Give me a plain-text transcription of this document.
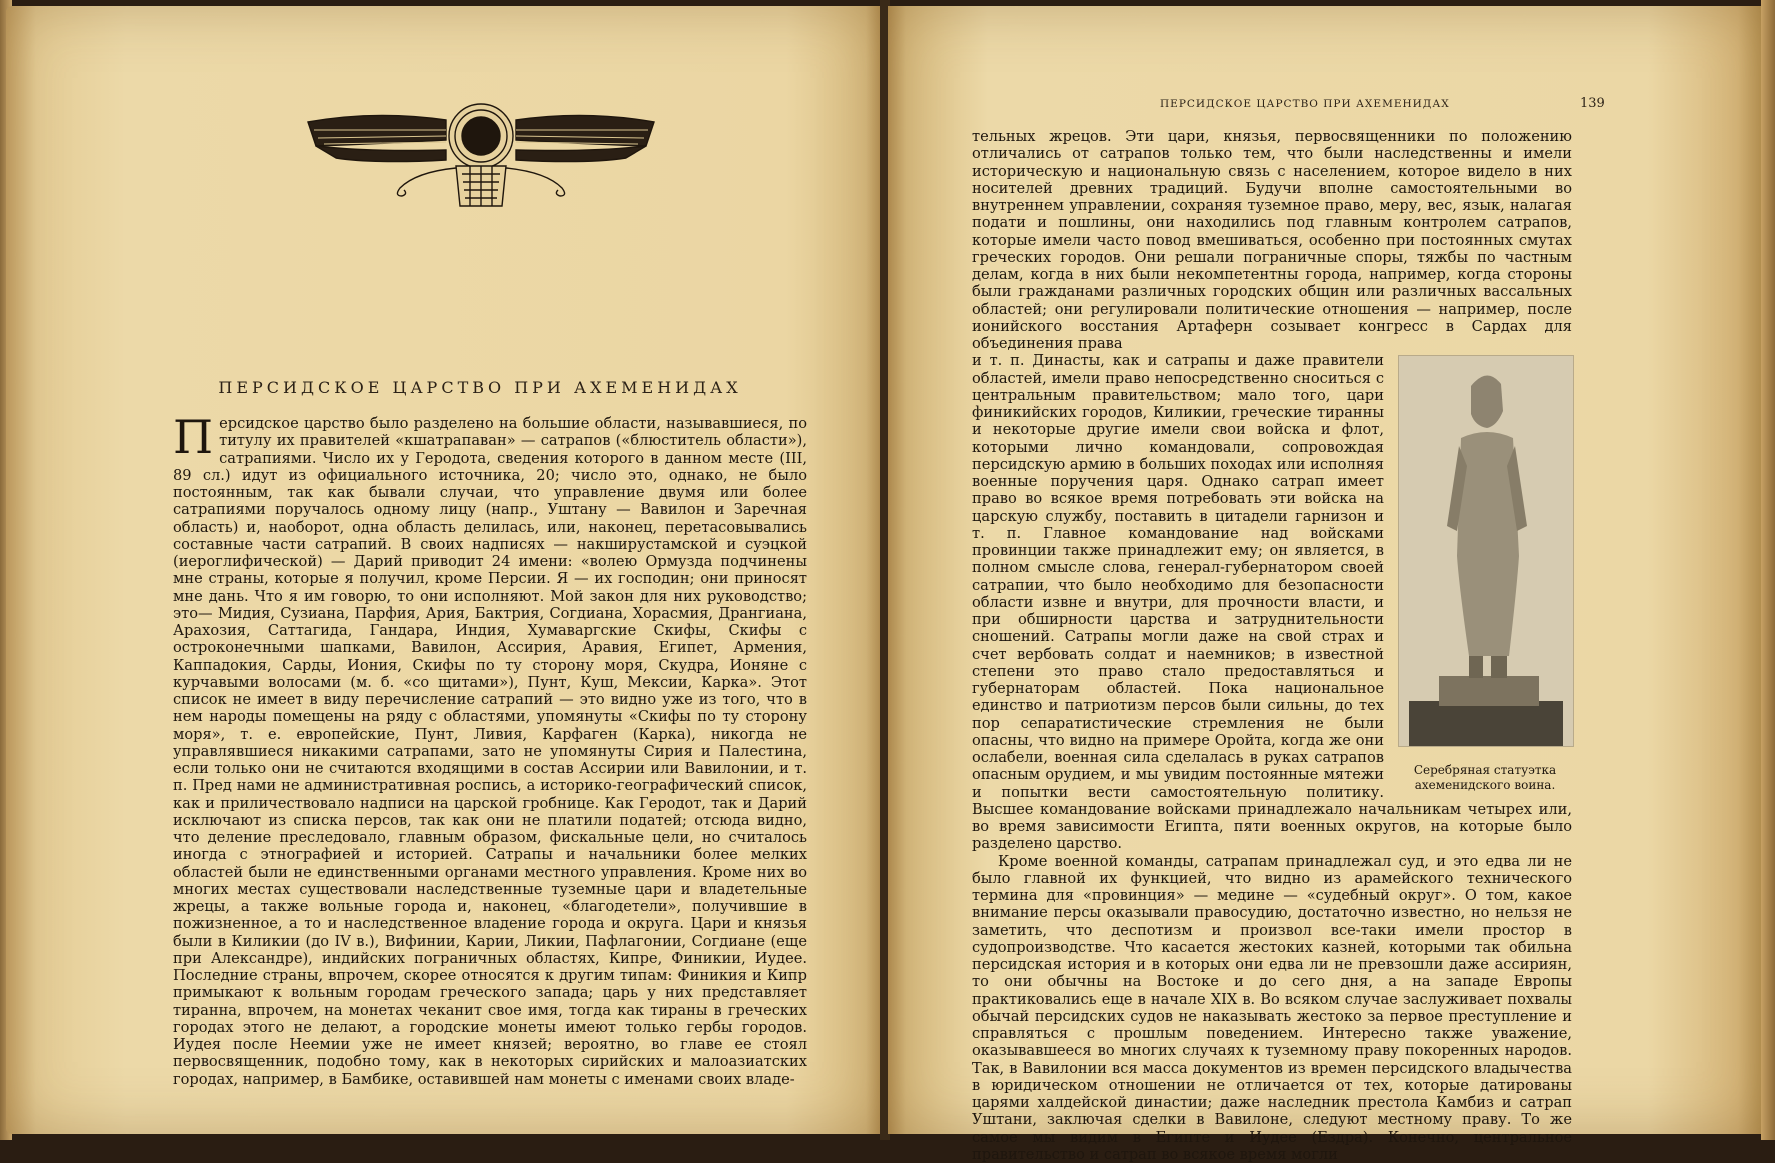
ПЕРСИДСКОЕ ЦАРСТВО ПРИ АХЕМЕНИДАХ
Персидское царство было разделено на большие области, называвшиеся, по титулу их правителей «кшатрапаван» — сатрапов («блюститель области»), сатрапиями. Число их у Геродота, сведения которого в данном месте (III, 89 сл.) идут из официального источника, 20; число это, однако, не было постоянным, так как бывали случаи, что управление двумя или более сатрапиями поручалось одному лицу (напр., Уштану — Вавилон и Заречная область) и, наоборот, одна область делилась, или, наконец, перетасовывались составные части сатрапий. В своих надписях — накширустамской и суэцкой (иероглифической) — Дарий приводит 24 имени: «волею Ормузда подчинены мне страны, которые я получил, кроме Персии. Я — их господин; они приносят мне дань. Что я им говорю, то они исполняют. Мой закон для них руководство; это— Мидия, Сузиана, Парфия, Ария, Бактрия, Согдиана, Хорасмия, Дрангиана, Арахозия, Саттагида, Гандара, Индия, Хумаваргские Скифы, Скифы с остроконечными шапками, Вавилон, Ассирия, Аравия, Египет, Армения, Каппадокия, Сарды, Иония, Скифы по ту сторону моря, Скудра, Ионяне с курчавыми волосами (м. б. «со щитами»), Пунт, Куш, Мексии, Карка». Этот список не имеет в виду перечисление сатрапий — это видно уже из того, что в нем народы помещены на ряду с областями, упомянуты «Скифы по ту сторону моря», т. е. европейские, Пунт, Ливия, Карфаген (Карка), никогда не управлявшиеся никакими сатрапами, зато не упомянуты Сирия и Палестина, если только они не считаются входящими в состав Ассирии или Вавилонии, и т. п. Пред нами не административная роспись, а историко-географический список, как и приличествовало надписи на царской гробнице. Как Геродот, так и Дарий исключают из списка персов, так как они не платили податей; отсюда видно, что деление преследовало, главным образом, фискальные цели, но считалось иногда с этнографией и историей. Сатрапы и начальники более мелких областей были не единственными органами местного управления. Кроме них во многих местах существовали наследственные туземные цари и владетельные жрецы, а также вольные города и, наконец, «благодетели», получившие в пожизненное, а то и наследственное владение города и округа. Цари и князья были в Киликии (до IV в.), Вифинии, Карии, Ликии, Пафлагонии, Согдиане (еще при Александре), индийских пограничных областях, Кипре, Финикии, Иудее. Последние страны, впрочем, скорее относятся к другим типам: Финикия и Кипр примыкают к вольным городам греческого запада; царь у них представляет тиранна, впрочем, на монетах чеканит свое имя, тогда как тираны в греческих городах этого не делают, а городские монеты имеют только гербы городов. Иудея после Неемии уже не имеет князей; вероятно, во главе ее стоял первосвященник, подобно тому, как в некоторых сирийских и малоазиатских городах, например, в Бамбике, оставившей нам монеты с именами своих владе-
ПЕРСИДСКОЕ ЦАРСТВО ПРИ АХЕМЕНИДАХ	139

тельных жрецов. Эти цари, князья, первосвященники по положению отличались от сатрапов только тем, что были наследственны и имели историческую и национальную связь с населением, которое видело в них носителей древних традиций. Будучи вполне самостоятельными во внутреннем управлении, сохраняя туземное право, меру, вес, язык, налагая подати и пошлины, они находились под главным контролем сатрапов, которые имели часто повод вмешиваться, особенно при постоянных смутах греческих городов. Они решали пограничные споры, тяжбы по частным делам, когда в них были некомпетентны города, например, когда стороны были гражданами различных городских общин или различных вассальных областей; они регулировали политические отношения — например, после ионийского восстания Артаферн созывает конгресс в Сардах для объединения права

Серебряная статуэтка ахеменидского воина.

и т. п. Династы, как и сатрапы и даже правители областей, имели право непосредственно сноситься с центральным правительством; мало того, цари финикийских городов, Киликии, греческие тиранны и некоторые другие имели свои войска и флот, которыми лично командовали, сопровождая персидскую армию в больших походах или исполняя военные поручения царя. Однако сатрап имеет право во всякое время потребовать эти войска на царскую службу, поставить в цитадели гарнизон и т. п. Главное командование над войсками провинции также принадлежит ему; он является, в полном смысле слова, генерал-губернатором своей сатрапии, что было необходимо для безопасности области извне и внутри, для прочности власти, и при обширности царства и затруднительности сношений. Сатрапы могли даже на свой страх и счет вербовать солдат и наемников; в известной степени это право стало предоставляться и губернаторам областей. Пока национальное единство и патриотизм персов были сильны, до тех пор сепаратистические стремления не были опасны, что видно на примере Оройта, когда же они ослабели, военная сила сделалась в руках сатрапов опасным орудием, и мы увидим постоянные мятежи и попытки вести самостоятельную политику. Высшее командование войсками принадлежало начальникам четырех или, во время зависимости Египта, пяти военных округов, на которые было разделено царство.

Кроме военной команды, сатрапам принадлежал суд, и это едва ли не было главной их функцией, что видно из арамейского технического термина для «провинция» — медине — «судебный округ». О том, какое внимание персы оказывали правосудию, достаточно известно, но нельзя не заметить, что деспотизм и произвол все-таки имели простор в судопроизводстве. Что касается жестоких казней, которыми так обильна персидская история и в которых они едва ли не превзошли даже ассириян, то они обычны на Востоке и до сего дня, а на западе Европы практиковались еще в начале XIX в. Во всяком случае заслуживает похвалы обычай персидских судов не наказывать жестоко за первое преступление и справляться с прошлым поведением. Интересно также уважение, оказывавшееся во многих случаях к туземному праву покоренных народов. Так, в Вавилонии вся масса документов из времен персидского владычества в юридическом отношении не отличается от тех, которые датированы царями халдейской династии; даже наследник престола Камбиз и сатрап Уштани, заключая сделки в Вавилоне, следуют местному праву. То же самое мы видим в Египте и Иудее (Ездра). Конечно, центральное правительство и сатрап во всякое время могли
